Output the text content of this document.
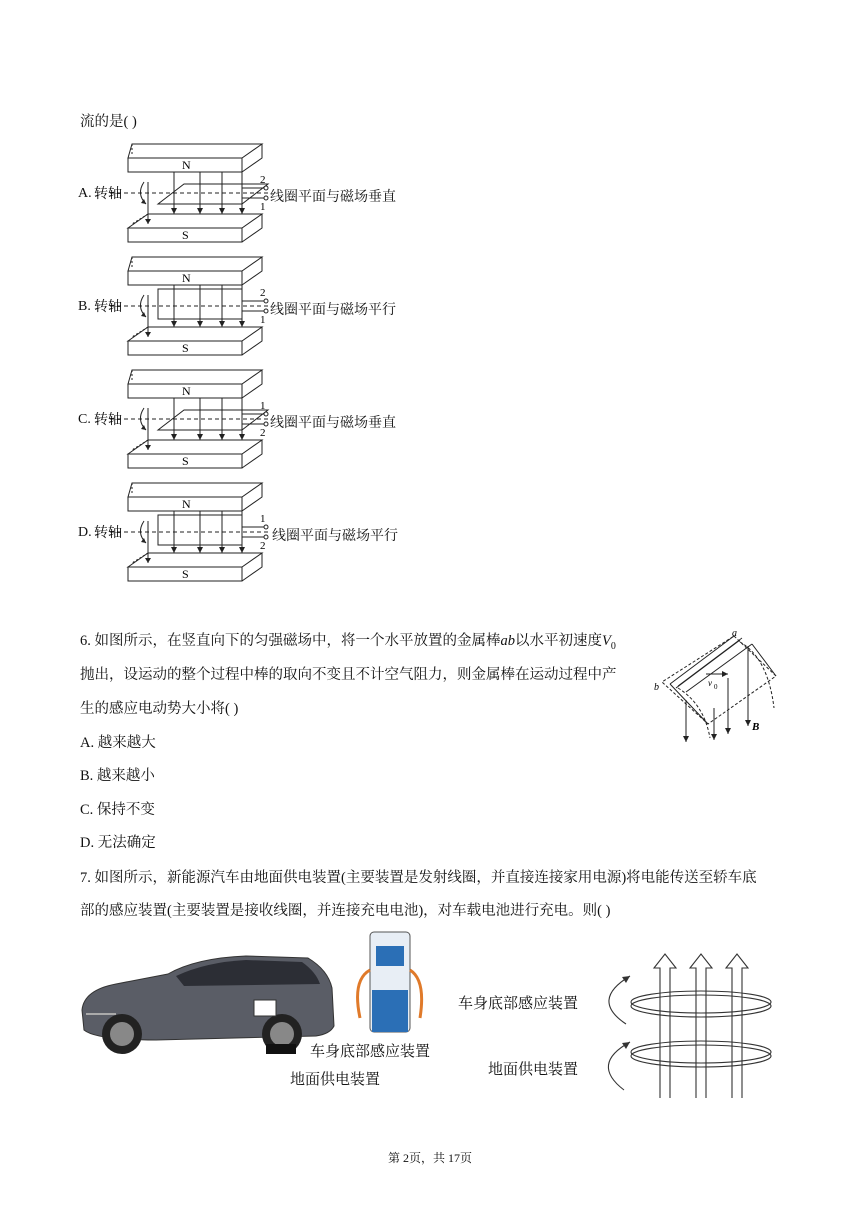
流的是( )
A.
N
S
转轴
2
1
线圈平面与磁场垂直
B.
N
S
转轴
2
1
线圈平面与磁场平行
C.
N
S
转轴
1
2
线圈平面与磁场垂直
D.
N
S
转轴
1
2
线圈平面与磁场平行
6. 如图所示，在竖直向下的匀强磁场中，将一个水平放置的金属棒ab以水平初速度$V_0$
抛出，设运动的整个过程中棒的取向不变且不计空气阻力，则金属棒在运动过程中产
生的感应电动势大小将( )
A. 越来越大
B. 越来越小
C. 保持不变
D. 无法确定
a
b	v 0
B
7. 如图所示，新能源汽车由地面供电装置(主要装置是发射线圈，并直接连接家用电源)将电能传送至轿车底
部的感应装置(主要装置是接收线圈，并连接充电电池)，对车载电池进行充电。则( )
车身底部感应装置
地面供电装置
车身底部感应装置
地面供电装置
第 2页，共 17页
